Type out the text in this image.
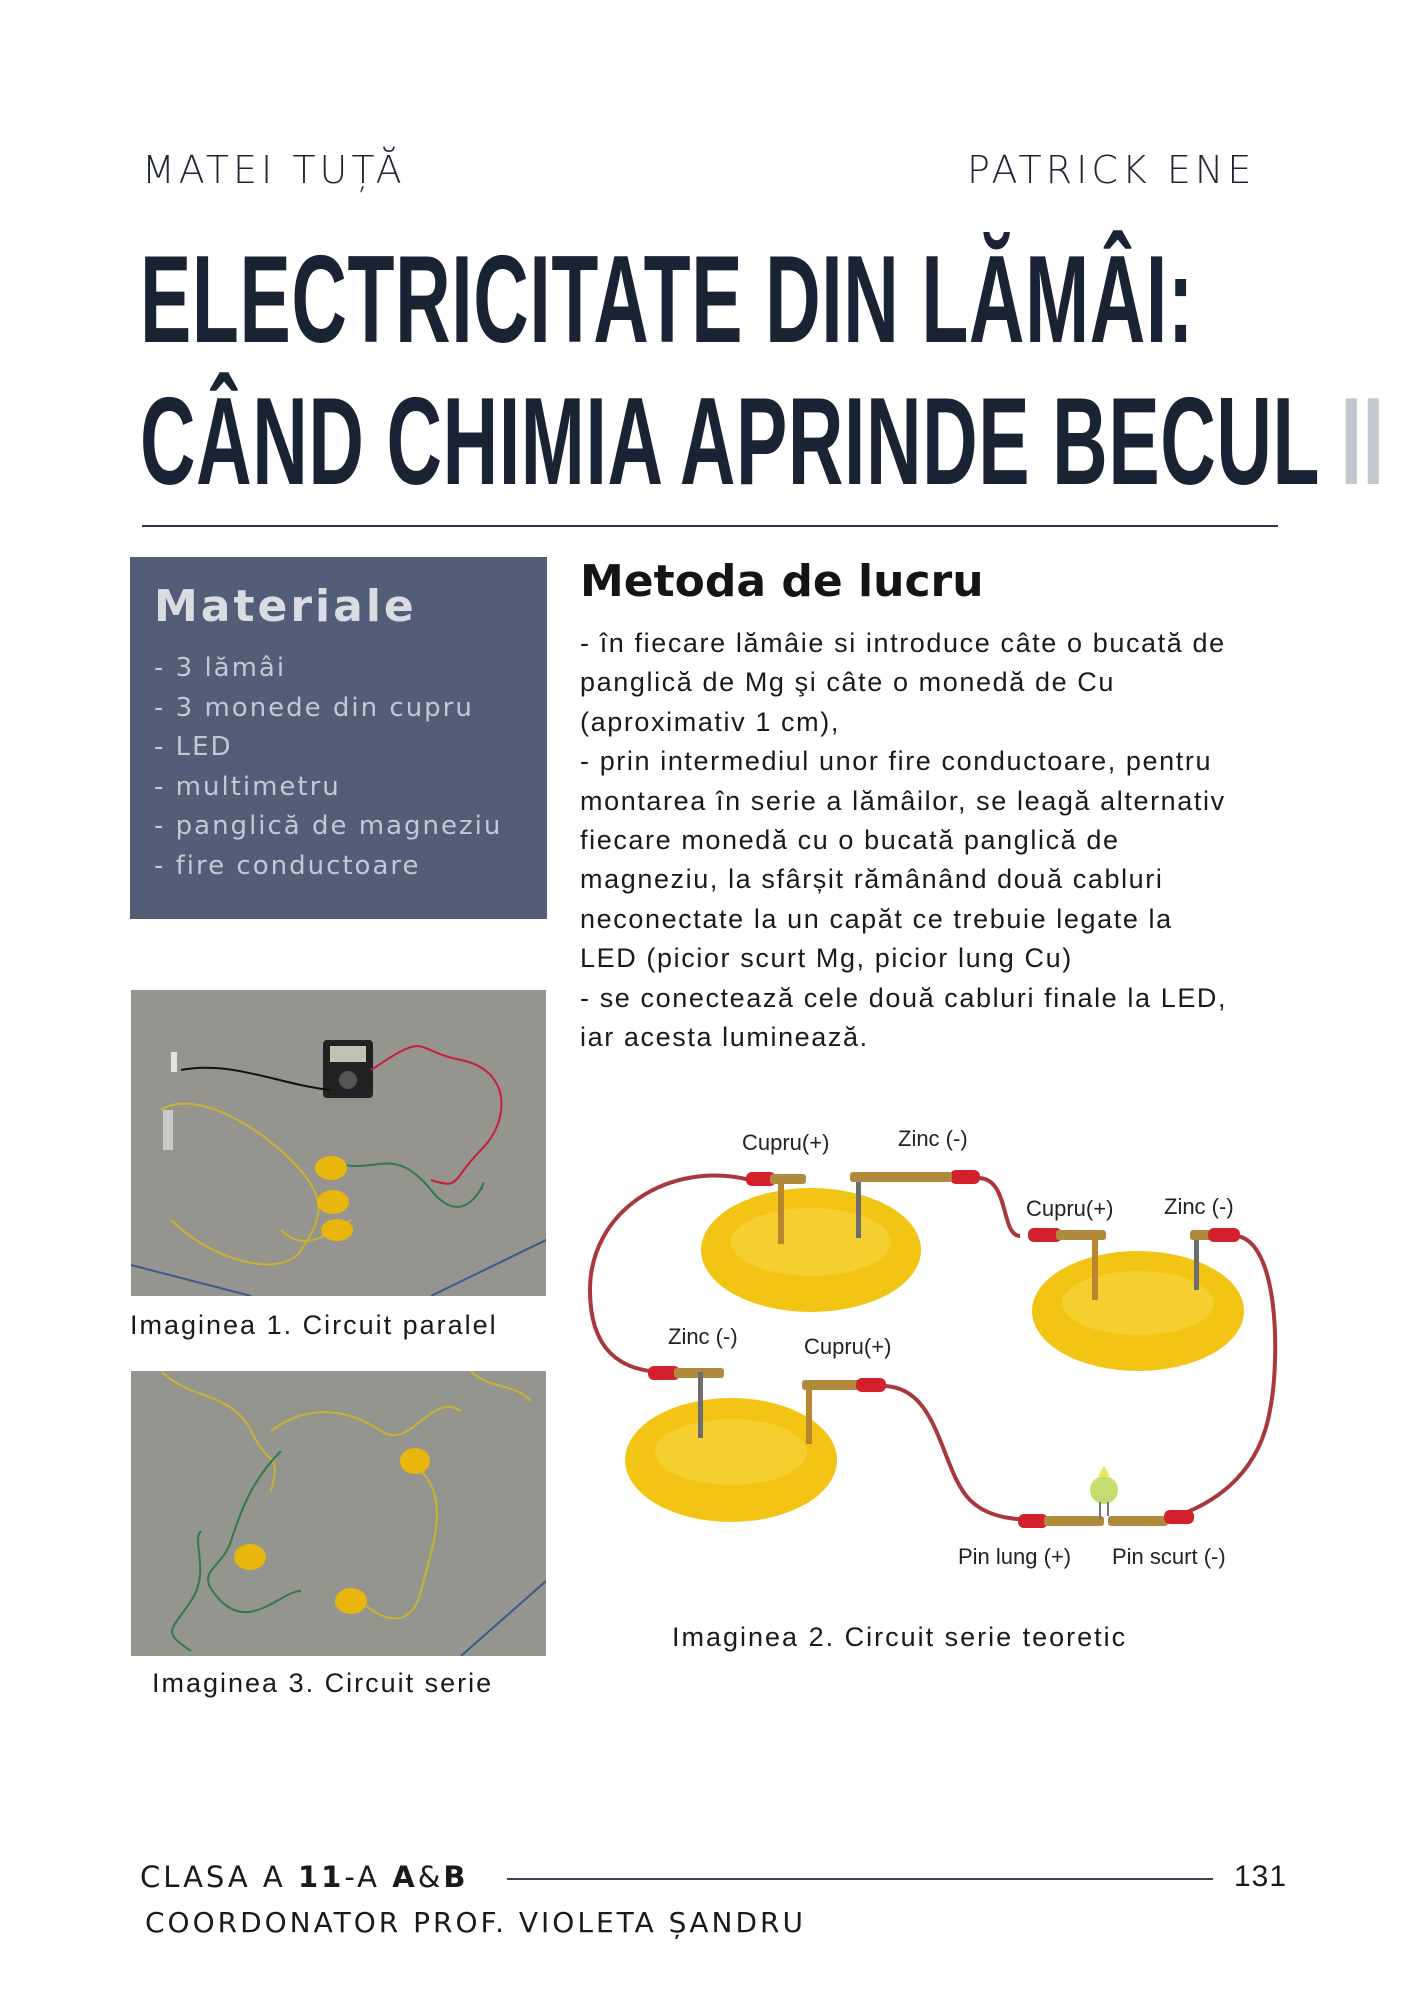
MATEI TUȚĂ	PATRICK ENE
ELECTRICITATE DIN LĂMÂI:
CÂND CHIMIA APRINDE BECUL II
Materiale
- 3 lămâi
- 3 monede din cupru
- LED
- multimetru
- panglică de magneziu
- fire conductoare
Metoda de lucru

- în fiecare lămâie si introduce câte o bucată de

panglică de Mg şi câte o monedă de Cu

(aproximativ 1 cm),

- prin intermediul unor fire conductoare, pentru

montarea în serie a lămâilor, se leagă alternativ

fiecare monedă cu o bucată panglică de

magneziu, la sfârșit rămânând două cabluri

neconectate la un capăt ce trebuie legate la

LED (picior scurt Mg, picior lung Cu)

- se conectează cele două cabluri finale la LED,

iar acesta luminează.

Imaginea 1. Circuit paralel
Imaginea 3. Circuit serie
Cupru(+)	Zinc (-)
Cupru(+) Zinc (-)
Zinc (-)	Cupru(+)
Pin lung (+) Pin scurt (-)
Imaginea 2. Circuit serie teoretic
CLASA A 11-A A&B	131
COORDONATOR PROF. VIOLETA ȘANDRU
